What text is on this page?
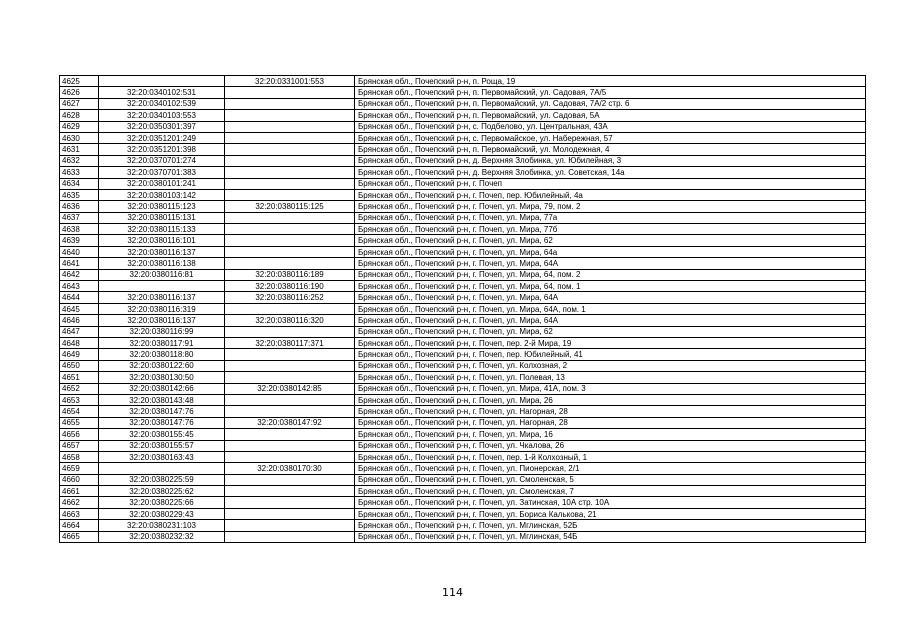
4625		32:20:0331001:553	Брянская обл., Почепский р-н, п. Роща, 19
4626	32:20:0340102:531		Брянская обл., Почепский р-н, п. Первомайский, ул. Садовая, 7А/5
4627	32:20:0340102:539		Брянская обл., Почепский р-н, п. Первомайский, ул. Садовая, 7А/2 стр. 6
4628	32:20:0340103:553		Брянская обл., Почепский р-н, п. Первомайский, ул. Садовая, 5А
4629	32:20:0350301:397		Брянская обл., Почепский р-н, с. Подбелово, ул. Центральная, 43А
4630	32:20:0351201:249		Брянская обл., Почепский р-н, с. Первомайское, ул. Набережная, 57
4631	32:20:0351201:398		Брянская обл., Почепский р-н, п. Первомайский, ул. Молодежная, 4
4632	32:20:0370701:274		Брянская обл., Почепский р-н, д. Верхняя Злобинка, ул. Юбилейная, 3
4633	32:20:0370701:383		Брянская обл., Почепский р-н, д. Верхняя Злобинка, ул. Советская, 14а
4634	32:20:0380101:241		Брянская обл., Почепский р-н, г. Почеп
4635	32:20:0380103:142		Брянская обл., Почепский р-н, г. Почеп, пер. Юбилейный, 4а
4636	32:20:0380115:123	32:20:0380115:125	Брянская обл., Почепский р-н, г. Почеп, ул. Мира, 79, пом. 2
4637	32:20:0380115:131		Брянская обл., Почепский р-н, г. Почеп, ул. Мира, 77а
4638	32:20:0380115:133		Брянская обл., Почепский р-н, г. Почеп, ул. Мира, 77б
4639	32:20:0380116:101		Брянская обл., Почепский р-н, г. Почеп, ул. Мира, 62
4640	32:20:0380116:137		Брянская обл., Почепский р-н, г. Почеп, ул. Мира, 64а
4641	32:20:0380116:138		Брянская обл., Почепский р-н, г. Почеп, ул. Мира, 64А
4642	32:20:0380116:81	32:20:0380116:189	Брянская обл., Почепский р-н, г. Почеп, ул. Мира, 64, пом. 2
4643		32:20:0380116:190	Брянская обл., Почепский р-н, г. Почеп, ул. Мира, 64, пом. 1
4644	32:20:0380116:137	32:20:0380116:252	Брянская обл., Почепский р-н, г. Почеп, ул. Мира, 64А
4645	32:20:0380116:319		Брянская обл., Почепский р-н, г. Почеп, ул. Мира, 64А, пом. 1
4646	32:20:0380116:137	32:20:0380116:320	Брянская обл., Почепский р-н, г. Почеп, ул. Мира, 64А
4647	32:20:0380116:99		Брянская обл., Почепский р-н, г. Почеп, ул. Мира, 62
4648	32:20:0380117:91	32:20:0380117:371	Брянская обл., Почепский р-н, г. Почеп, пер. 2-й Мира, 19
4649	32:20:0380118:80		Брянская обл., Почепский р-н, г. Почеп, пер. Юбилейный, 41
4650	32:20:0380122:60		Брянская обл., Почепский р-н, г. Почеп, ул. Колхозная, 2
4651	32:20:0380130:50		Брянская обл., Почепский р-н, г. Почеп, ул. Полевая, 13
4652	32:20:0380142:66	32:20:0380142:85	Брянская обл., Почепский р-н, г. Почеп, ул. Мира, 41А, пом. 3
4653	32:20:0380143:48		Брянская обл., Почепский р-н, г. Почеп, ул. Мира, 26
4654	32:20:0380147:76		Брянская обл., Почепский р-н, г. Почеп, ул. Нагорная, 28
4655	32:20:0380147:76	32:20:0380147:92	Брянская обл., Почепский р-н, г. Почеп, ул. Нагорная, 28
4656	32:20:0380155:45		Брянская обл., Почепский р-н, г. Почеп, ул. Мира, 16
4657	32:20:0380155:57		Брянская обл., Почепский р-н, г. Почеп, ул. Чкалова, 26
4658	32:20:0380163:43		Брянская обл., Почепский р-н, г. Почеп, пер. 1-й Колхозный, 1
4659		32:20:0380170:30	Брянская обл., Почепский р-н, г. Почеп, ул. Пионерская, 2/1
4660	32:20:0380225:59		Брянская обл., Почепский р-н, г. Почеп, ул. Смоленская, 5
4661	32:20:0380225:62		Брянская обл., Почепский р-н, г. Почеп, ул. Смоленская, 7
4662	32:20:0380225:66		Брянская обл., Почепский р-н, г. Почеп, ул. Затинская, 10А стр. 10А
4663	32:20:0380229:43		Брянская обл., Почепский р-н, г. Почеп, ул. Бориса Калькова, 21
4664	32:20:0380231:103		Брянская обл., Почепский р-н, г. Почеп, ул. Мглинская, 52Б
4665	32:20:0380232:32		Брянская обл., Почепский р-н, г. Почеп, ул. Мглинская, 54Б
114
